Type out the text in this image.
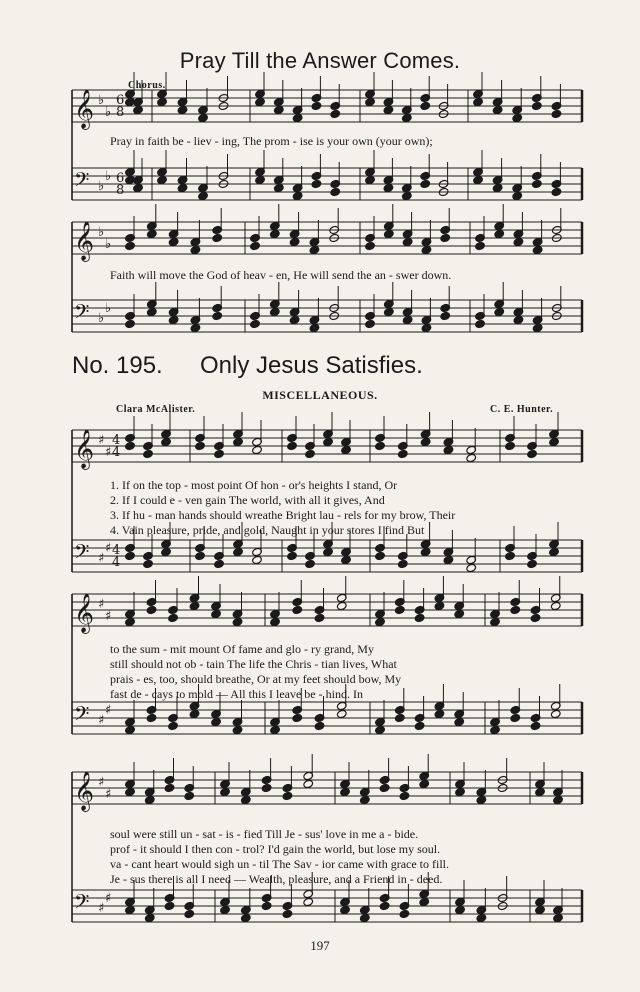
𝄞 ♭
♭
𝄢 ♭
♭
𝄞 ♭
♭
𝄢 ♭
♭
𝄞 ♯
♯
𝄢 ♯
♯
𝄞 ♯
♯
𝄢 ♯
♯
𝄞 ♯
♯
𝄢 ♯
♯
6
8
6
8
4
4
4
4
Pray Till the Answer Comes.
Chorus.
Pray in faith be - liev - ing, The prom - ise is your own (your own);
Faith will move the God of heav - en, He will send the an - swer down.
No. 195. Only Jesus Satisfies.
MISCELLANEOUS.
Clara McAlister.	C. E. Hunter.
1. If on the top - most point Of hon - or's heights I stand, Or
2. If I could e - ven gain The world, with all it gives, And
3. If hu - man hands should wreathe Bright lau - rels for my brow, Their
4. Vain pleasure, pride, and gold, Naught in your stores I find But
to the sum - mit mount Of fame and glo - ry grand, My
still should not ob - tain The life the Chris - tian lives, What
prais - es, too, should breathe, Or at my feet should bow, My
fast de - cays to mold — All this I leave be - hind. In
soul were still un - sat - is - fied Till Je - sus' love in me a - bide.
prof - it should I then con - trol? I'd gain the world, but lose my soul.
va - cant heart would sigh un - til The Sav - ior came with grace to fill.
Je - sus there is all I need — Wealth, pleasure, and a Friend in - deed.
197
